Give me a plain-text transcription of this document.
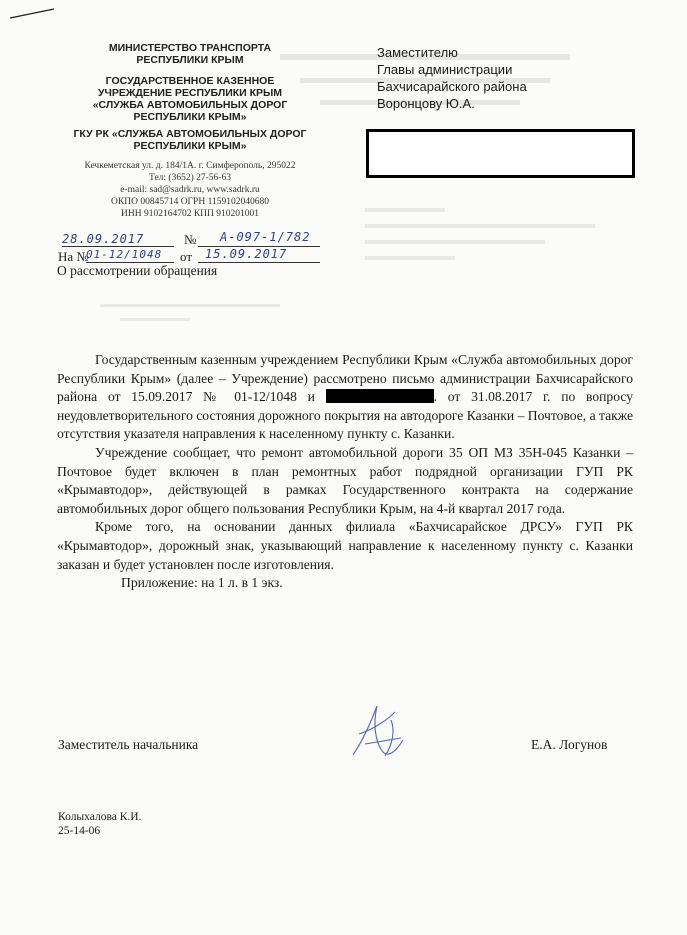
МИНИСТЕРСТВО ТРАНСПОРТА
РЕСПУБЛИКИ КРЫМ
ГОСУДАРСТВЕННОЕ КАЗЕННОЕ
УЧРЕЖДЕНИЕ РЕСПУБЛИКИ КРЫМ
«СЛУЖБА АВТОМОБИЛЬНЫХ ДОРОГ
РЕСПУБЛИКИ КРЫМ»
ГКУ РК «СЛУЖБА АВТОМОБИЛЬНЫХ ДОРОГ
РЕСПУБЛИКИ КРЫМ»
Кечкеметская ул. д. 184/1А. г. Симферополь, 295022
Тел: (3652) 27-56-63
e-mail: sad@sadrk.ru, www.sadrk.ru
ОКПО 00845714 ОГРН 1159102040680
ИНН 9102164702 КПП 910201001
Заместителю
Главы администрации
Бахчисарайского района
Воронцову Ю.А.
28.09.2017	№ А-097-1/782
На №
01-12/1048 от 15.09.2017
О рассмотрении обращения

Государственным казенным учреждением Республики Крым «Служба автомобильных дорог Республики Крым» (далее – Учреждение) рассмотрено письмо администрации Бахчисарайского района от 15.09.2017 № 01-12/1048 и	. от 31.08.2017 г. по вопросу неудовлетворительного состояния дорожного покрытия на автодороге Казанки – Почтовое, а также отсутствия указателя направления к населенному пункту с. Казанки.

Учреждение сообщает, что ремонт автомобильной дороги 35 ОП МЗ 35Н-045 Казанки – Почтовое будет включен в план ремонтных работ подрядной организации ГУП РК «Крымавтодор», действующей в рамках Государственного контракта на содержание автомобильных дорог общего пользования Республики Крым, на 4-й квартал 2017 года.

Кроме того, на основании данных филиала «Бахчисарайское ДРСУ» ГУП РК «Крымавтодор», дорожный знак, указывающий направление к населенному пункту с. Казанки заказан и будет установлен после изготовления.

Приложение: на 1 л. в 1 экз.

Заместитель начальника	Е.А. Логунов
Колыхалова К.И.
25-14-06
